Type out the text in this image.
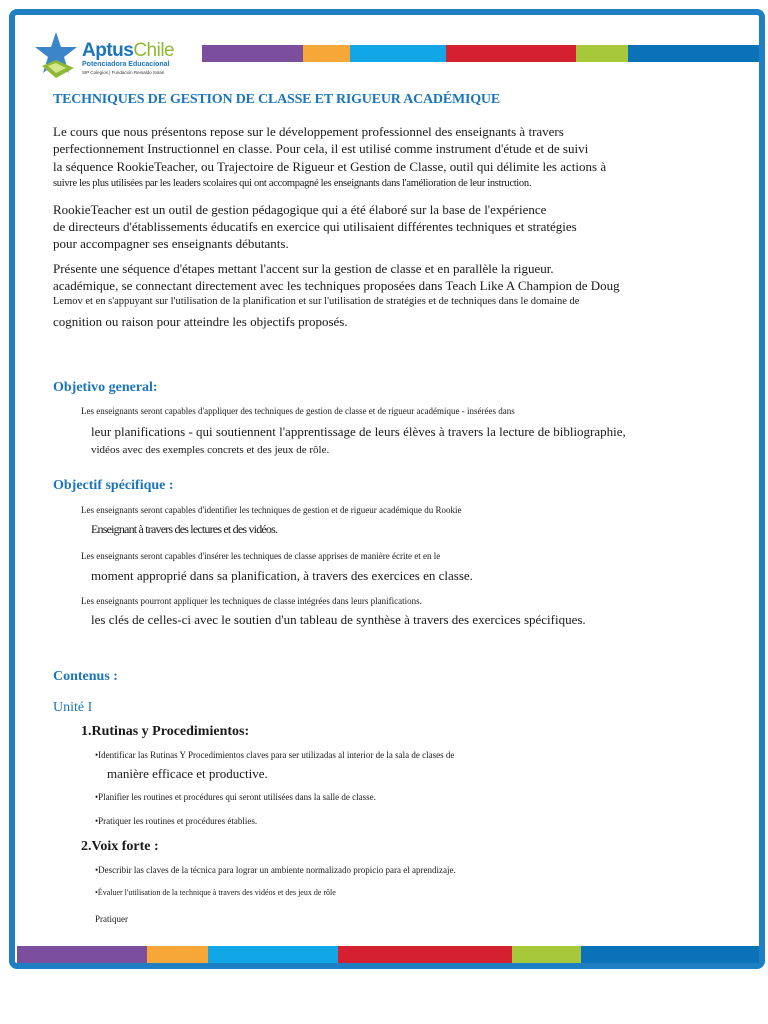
AptusChile
Potenciadora Educacional
SIP Colegios | Fundación Reinaldo Solari

TECHNIQUES DE GESTION DE CLASSE ET RIGUEUR ACADÉMIQUE

Le cours que nous présentons repose sur le développement professionnel des enseignants à travers

perfectionnement Instructionnel en classe. Pour cela, il est utilisé comme instrument d'étude et de suivi

la séquence RookieTeacher, ou Trajectoire de Rigueur et Gestion de Classe, outil qui délimite les actions à

suivre les plus utilisées par les leaders scolaires qui ont accompagné les enseignants dans l'amélioration de leur instruction.

RookieTeacher est un outil de gestion pédagogique qui a été élaboré sur la base de l'expérience

de directeurs d'établissements éducatifs en exercice qui utilisaient différentes techniques et stratégies

pour accompagner ses enseignants débutants.

Présente une séquence d'étapes mettant l'accent sur la gestion de classe et en parallèle la rigueur.

académique, se connectant directement avec les techniques proposées dans Teach Like A Champion de Doug

Lemov et en s'appuyant sur l'utilisation de la planification et sur l'utilisation de stratégies et de techniques dans le domaine de

cognition ou raison pour atteindre les objectifs proposés.

Objetivo general:

Les enseignants seront capables d'appliquer des techniques de gestion de classe et de rigueur académique - insérées dans

leur planifications - qui soutiennent l'apprentissage de leurs élèves à travers la lecture de bibliographie,

vidéos avec des exemples concrets et des jeux de rôle.

Objectif spécifique :

Les enseignants seront capables d'identifier les techniques de gestion et de rigueur académique du Rookie

Enseignant à travers des lectures et des vidéos.

Les enseignants seront capables d'insérer les techniques de classe apprises de manière écrite et en le

moment approprié dans sa planification, à travers des exercices en classe.

Les enseignants pourront appliquer les techniques de classe intégrées dans leurs planifications.

les clés de celles-ci avec le soutien d'un tableau de synthèse à travers des exercices spécifiques.

Contenus :

Unité I

1.Rutinas y Procedimientos:

•Identificar las Rutinas Y Procedimientos claves para ser utilizadas al interior de la sala de clases de

manière efficace et productive.

•Planifier les routines et procédures qui seront utilisées dans la salle de classe.

•Pratiquer les routines et procédures établies.

2.Voix forte :

•Describir las claves de la técnica para lograr un ambiente normalizado propicio para el aprendizaje.

•Évaluer l'utilisation de la technique à travers des vidéos et des jeux de rôle

Pratiquer
